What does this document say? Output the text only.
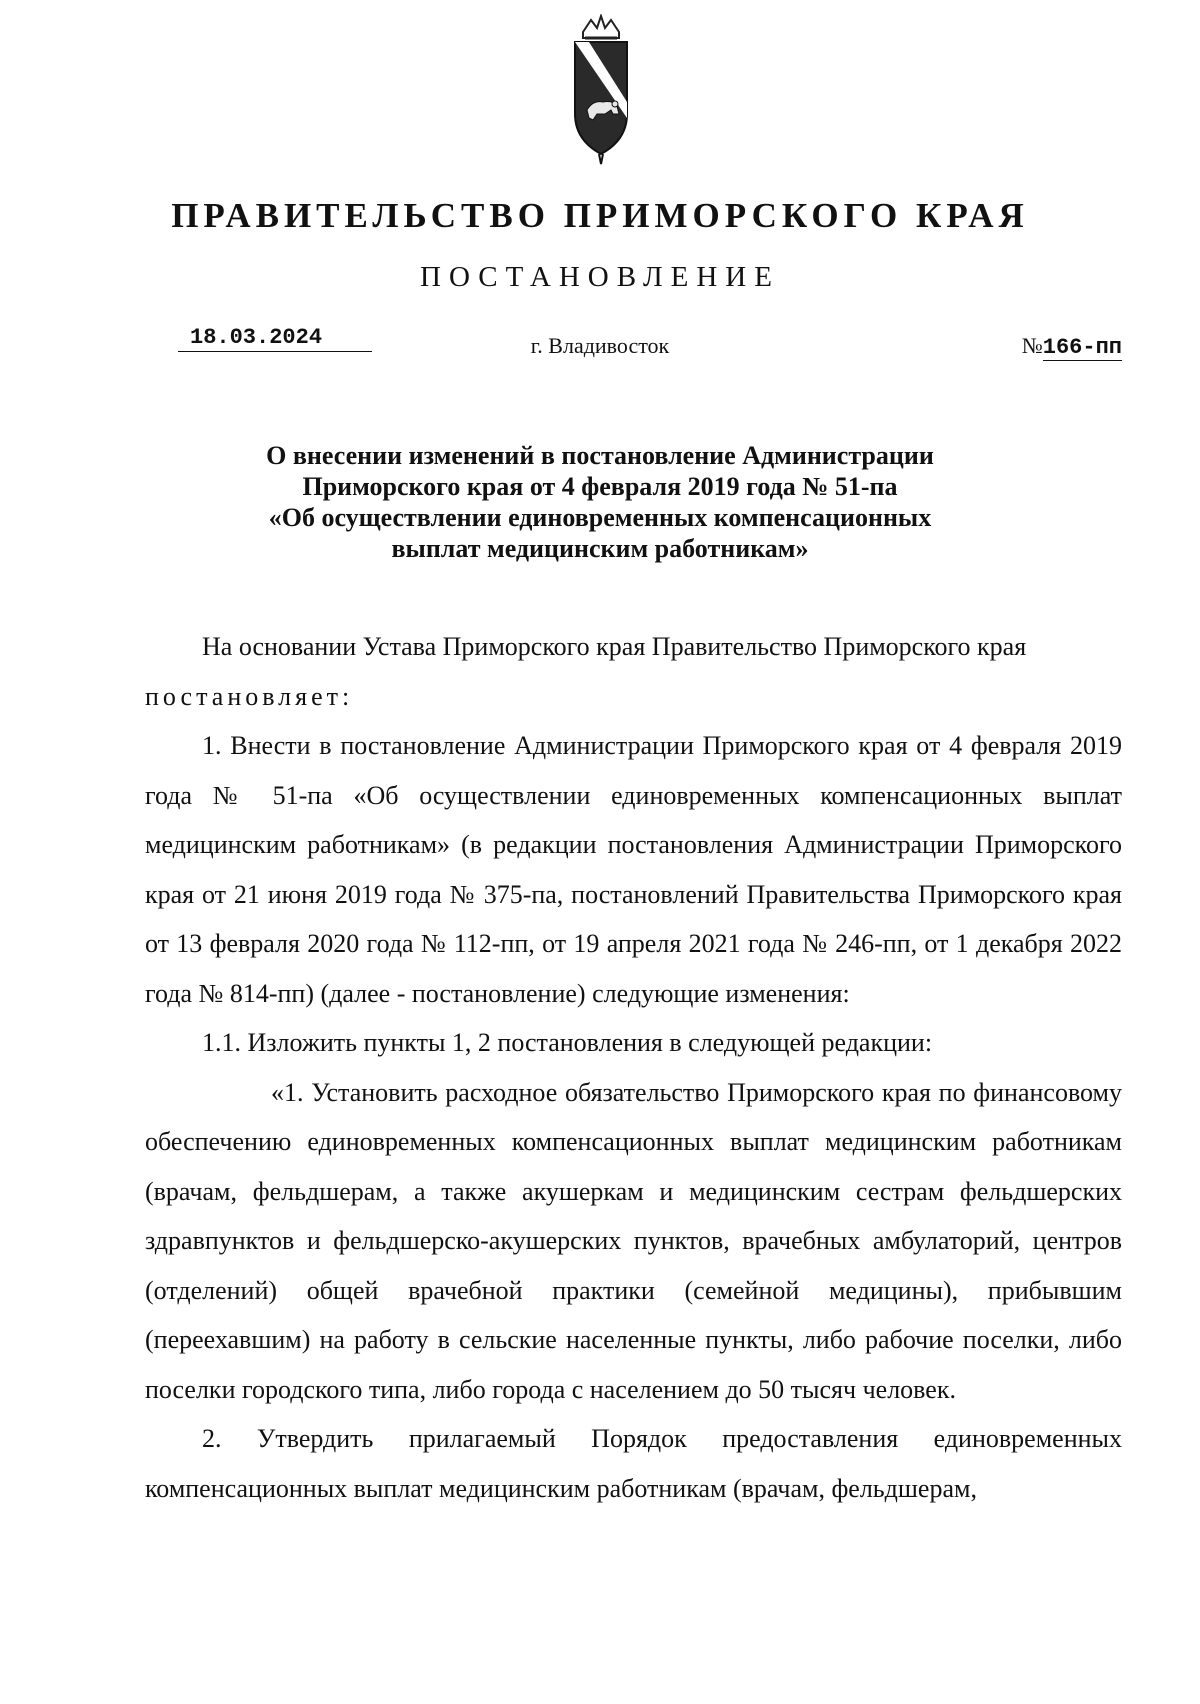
ПРАВИТЕЛЬСТВО ПРИМОРСКОГО КРАЯ
ПОСТАНОВЛЕНИЕ
18.03.2024	г. Владивосток	№166-пп
О внесении изменений в постановление Администрации
Приморского края от 4 февраля 2019 года № 51-па
«Об осуществлении единовременных компенсационных
выплат медицинским работникам»

На основании Устава Приморского края Правительство Приморского края

постановляет:

1. Внести в постановление Администрации Приморского края от 4 февраля 2019 года № 51-па «Об осуществлении единовременных компенсационных выплат медицинским работникам» (в редакции постановления Администрации Приморского края от 21 июня 2019 года № 375-па, постановлений Правительства Приморского края от 13 февраля 2020 года № 112-пп, от 19 апреля 2021 года № 246-пп, от 1 декабря 2022 года № 814-пп) (далее - постановление) следующие изменения:

1.1. Изложить пункты 1, 2 постановления в следующей редакции:

«1. Установить расходное обязательство Приморского края по финансовому обеспечению единовременных компенсационных выплат медицинским работникам (врачам, фельдшерам, а также акушеркам и медицинским сестрам фельдшерских здравпунктов и фельдшерско-акушерских пунктов, врачебных амбулаторий, центров (отделений) общей врачебной практики (семейной медицины), прибывшим (переехавшим) на работу в сельские населенные пункты, либо рабочие поселки, либо поселки городского типа, либо города с населением до 50 тысяч человек.

2. Утвердить прилагаемый Порядок предоставления единовременных компенсационных выплат медицинским работникам (врачам, фельдшерам,
